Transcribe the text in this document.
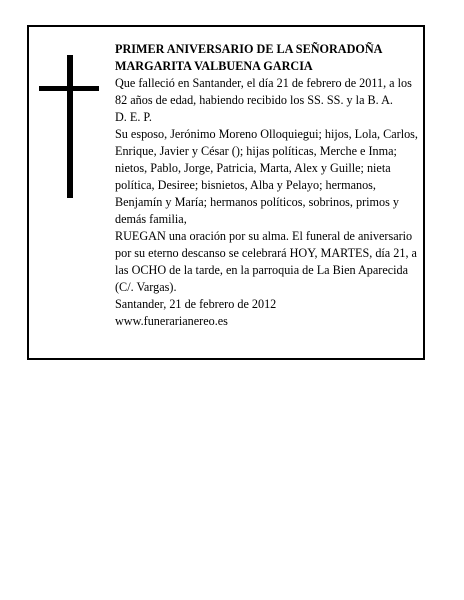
PRIMER ANIVERSARIO DE LA SEÑORADOÑA

MARGARITA VALBUENA GARCIA

Que falleció en Santander, el día 21 de febrero de 2011, a los 82 años de edad, habiendo recibido los SS. SS. y la B. A.

D. E. P.

Su esposo, Jerónimo Moreno Olloquiegui; hijos, Lola, Carlos, Enrique, Javier y César (); hijas políticas, Merche e Inma; nietos, Pablo, Jorge, Patricia, Marta, Alex y Guille; nieta política, Desiree; bisnietos, Alba y Pelayo; hermanos, Benjamín y María; hermanos políticos, sobrinos, primos y demás familia,

RUEGAN una oración por su alma. El funeral de aniversario por su eterno descanso se celebrará HOY, MARTES, día 21, a las OCHO de la tarde, en la parroquia de La Bien Aparecida (C/. Vargas).

Santander, 21 de febrero de 2012

www.funerarianereo.es
